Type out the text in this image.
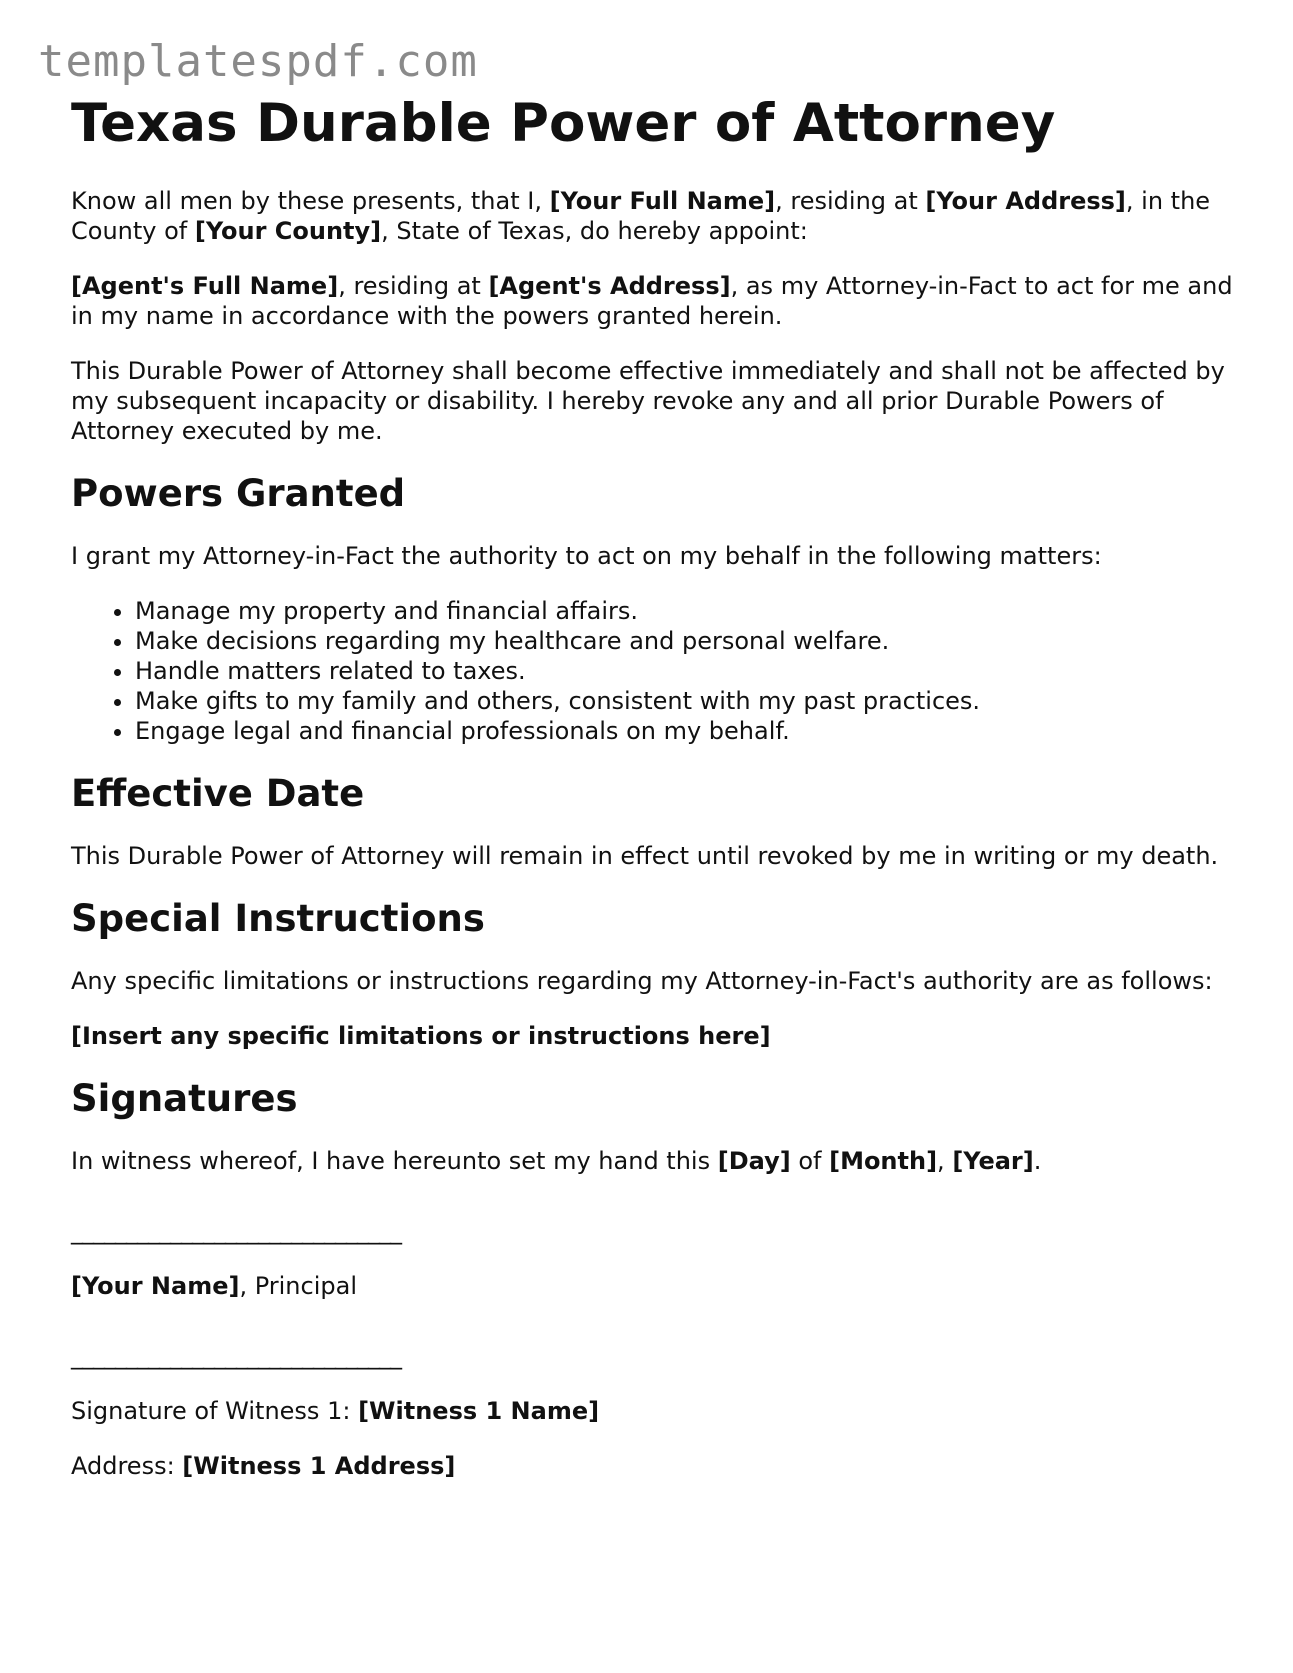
templatespdf.com
Texas Durable Power of Attorney

Know all men by these presents, that I, [Your Full Name], residing at [Your Address], in the County of [Your County], State of Texas, do hereby appoint:

[Agent's Full Name], residing at [Agent's Address], as my Attorney-in-Fact to act for me and in my name in accordance with the powers granted herein.

This Durable Power of Attorney shall become effective immediately and shall not be affected by my subsequent incapacity or disability. I hereby revoke any and all prior Durable Powers of Attorney executed by me.

Powers Granted

I grant my Attorney-in-Fact the authority to act on my behalf in the following matters:

• Manage my property and financial affairs.
• Make decisions regarding my healthcare and personal welfare.
• Handle matters related to taxes.
• Make gifts to my family and others, consistent with my past practices.
• Engage legal and financial professionals on my behalf.
Effective Date

This Durable Power of Attorney will remain in effect until revoked by me in writing or my death.

Special Instructions

Any specific limitations or instructions regarding my Attorney-in-Fact's authority are as follows:

[Insert any specific limitations or instructions here]

Signatures

In witness whereof, I have hereunto set my hand this [Day] of [Month], [Year].

______________________________

[Your Name], Principal

______________________________

Signature of Witness 1: [Witness 1 Name]

Address: [Witness 1 Address]
